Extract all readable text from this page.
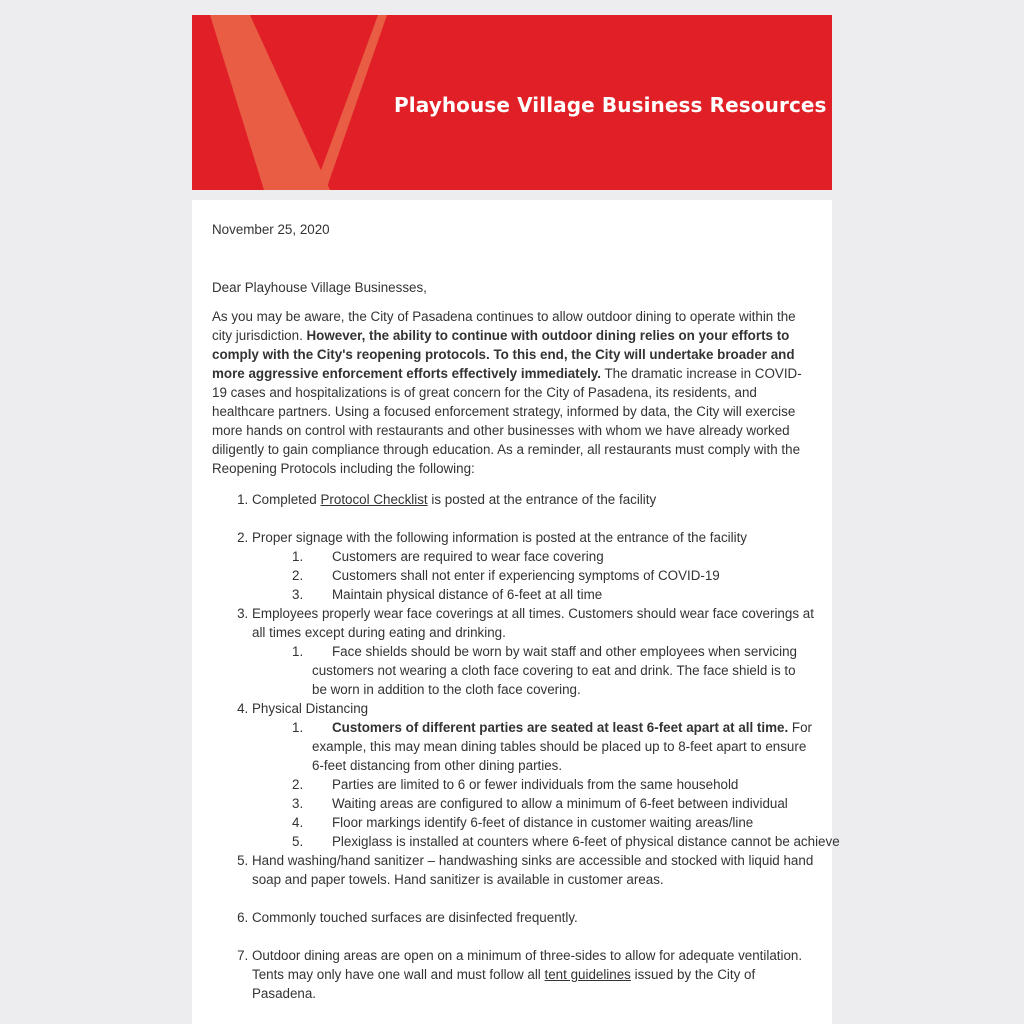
Playhouse Village Business Resources
November 25, 2020
Dear Playhouse Village Businesses,

As you may be aware, the City of Pasadena continues to allow outdoor dining to operate within the city jurisdiction. However, the ability to continue with outdoor dining relies on your efforts to comply with the City's reopening protocols. To this end, the City will undertake broader and more aggressive enforcement efforts effectively immediately. The dramatic increase in COVID-19 cases and hospitalizations is of great concern for the City of Pasadena, its residents, and healthcare partners. Using a focused enforcement strategy, informed by data, the City will exercise more hands on control with restaurants and other businesses with whom we have already worked diligently to gain compliance through education. As a reminder, all restaurants must comply with the Reopening Protocols including the following:

1. Completed Protocol Checklist is posted at the entrance of the facility
2. Proper signage with the following information is posted at the entrance of the facility
1. Customers are required to wear face covering
2. Customers shall not enter if experiencing symptoms of COVID-19
3. Maintain physical distance of 6-feet at all time
3. Employees properly wear face coverings at all times. Customers should wear face coverings at all times except during eating and drinking.
1. Face shields should be worn by wait staff and other employees when servicing customers not wearing a cloth face covering to eat and drink. The face shield is to be worn in addition to the cloth face covering.
4. Physical Distancing
1. Customers of different parties are seated at least 6-feet apart at all time. For example, this may mean dining tables should be placed up to 8-feet apart to ensure 6-feet distancing from other dining parties.
2. Parties are limited to 6 or fewer individuals from the same household
3. Waiting areas are configured to allow a minimum of 6-feet between individual
4. Floor markings identify 6-feet of distance in customer waiting areas/line
5. Plexiglass is installed at counters where 6-feet of physical distance cannot be achieve
5. Hand washing/hand sanitizer – handwashing sinks are accessible and stocked with liquid hand soap and paper towels. Hand sanitizer is available in customer areas.
6. Commonly touched surfaces are disinfected frequently.
7. Outdoor dining areas are open on a minimum of three-sides to allow for adequate ventilation. Tents may only have one wall and must follow all tent guidelines issued by the City of Pasadena.
